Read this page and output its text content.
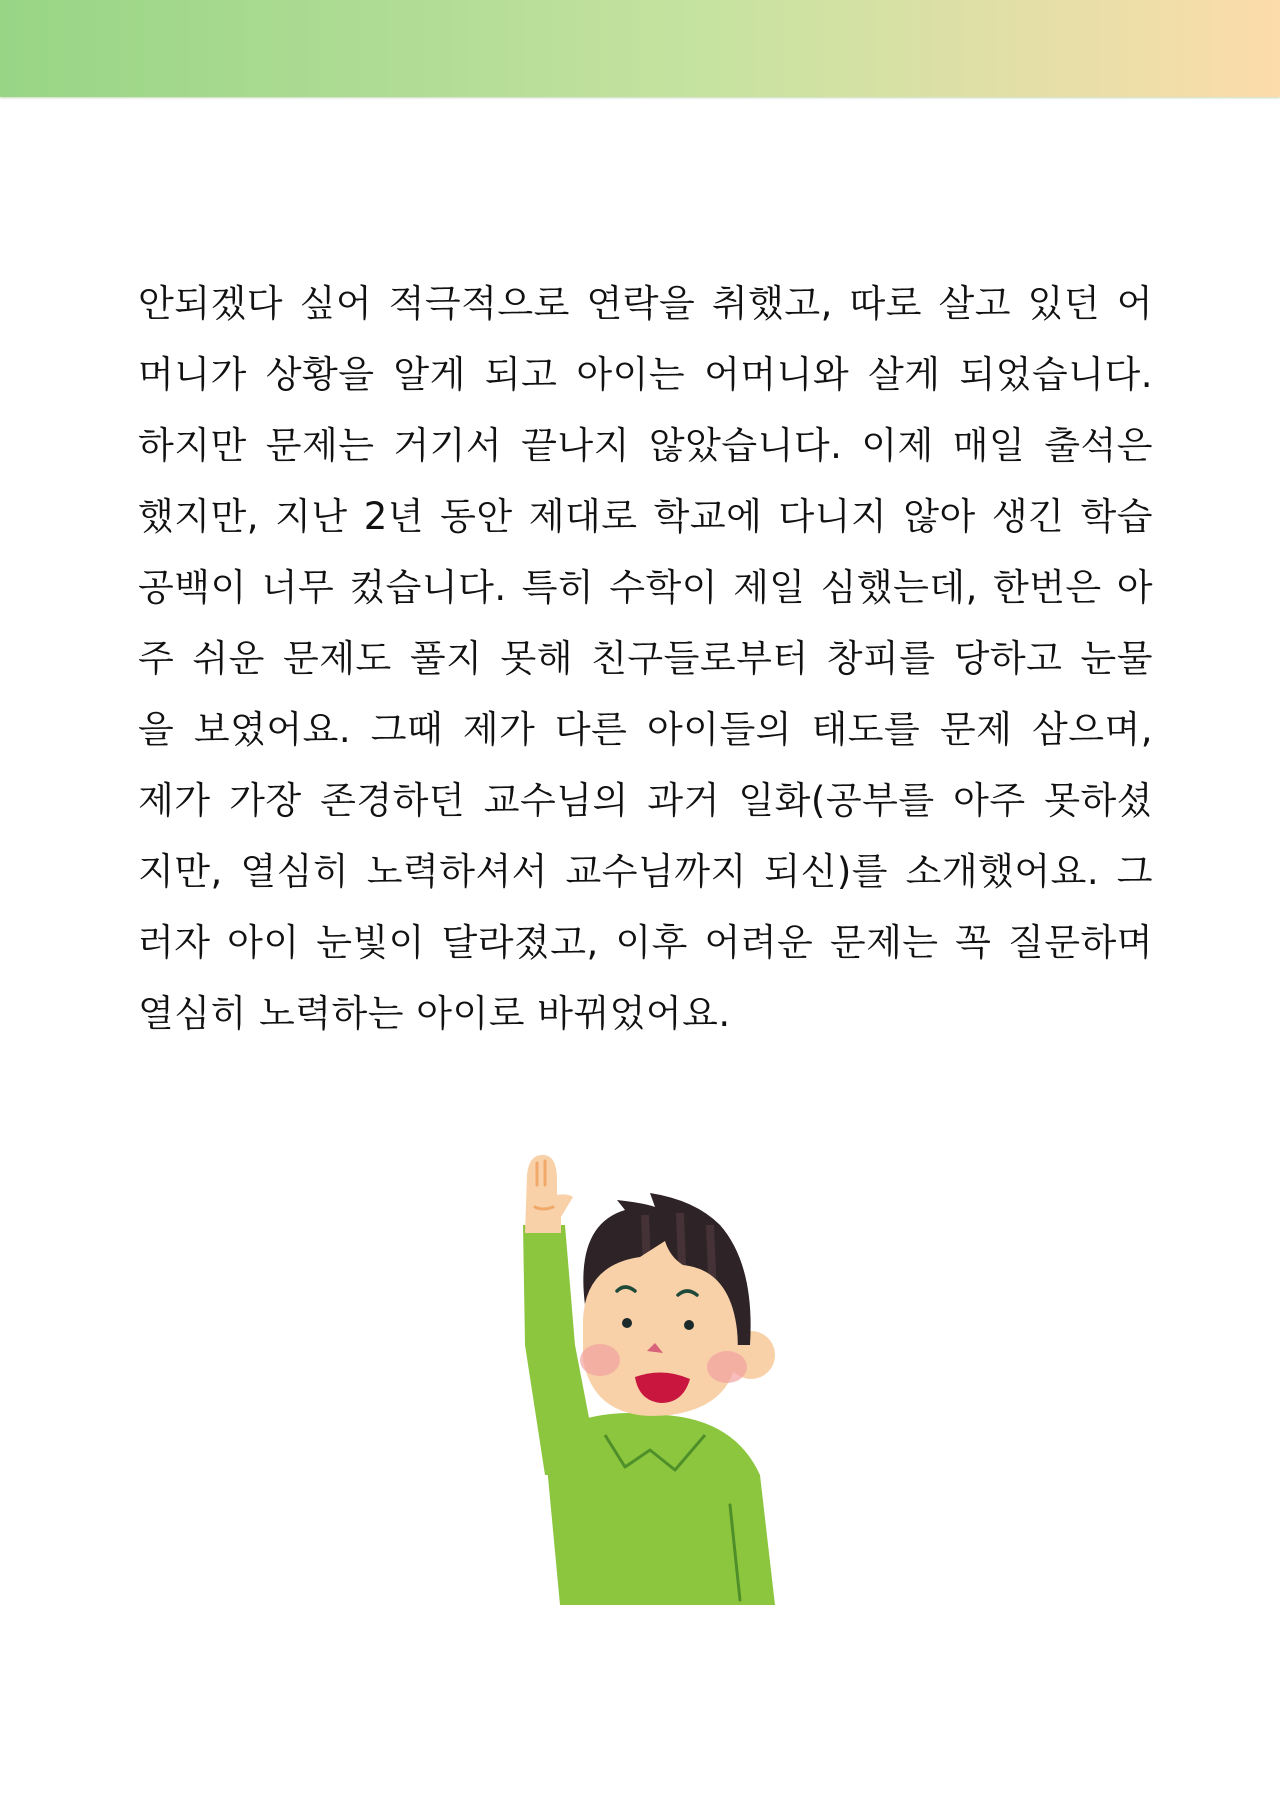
안되겠다 싶어 적극적으로 연락을 취했고, 따로 살고 있던 어
머니가 상황을 알게 되고 아이는 어머니와 살게 되었습니다.
하지만 문제는 거기서 끝나지 않았습니다. 이제 매일 출석은
했지만, 지난 2년 동안 제대로 학교에 다니지 않아 생긴 학습
공백이 너무 컸습니다. 특히 수학이 제일 심했는데, 한번은 아
주 쉬운 문제도 풀지 못해 친구들로부터 창피를 당하고 눈물
을 보였어요. 그때 제가 다른 아이들의 태도를 문제 삼으며,
제가 가장 존경하던 교수님의 과거 일화(공부를 아주 못하셨
지만, 열심히 노력하셔서 교수님까지 되신)를 소개했어요. 그
러자 아이 눈빛이 달라졌고, 이후 어려운 문제는 꼭 질문하며
열심히 노력하는 아이로 바뀌었어요.
